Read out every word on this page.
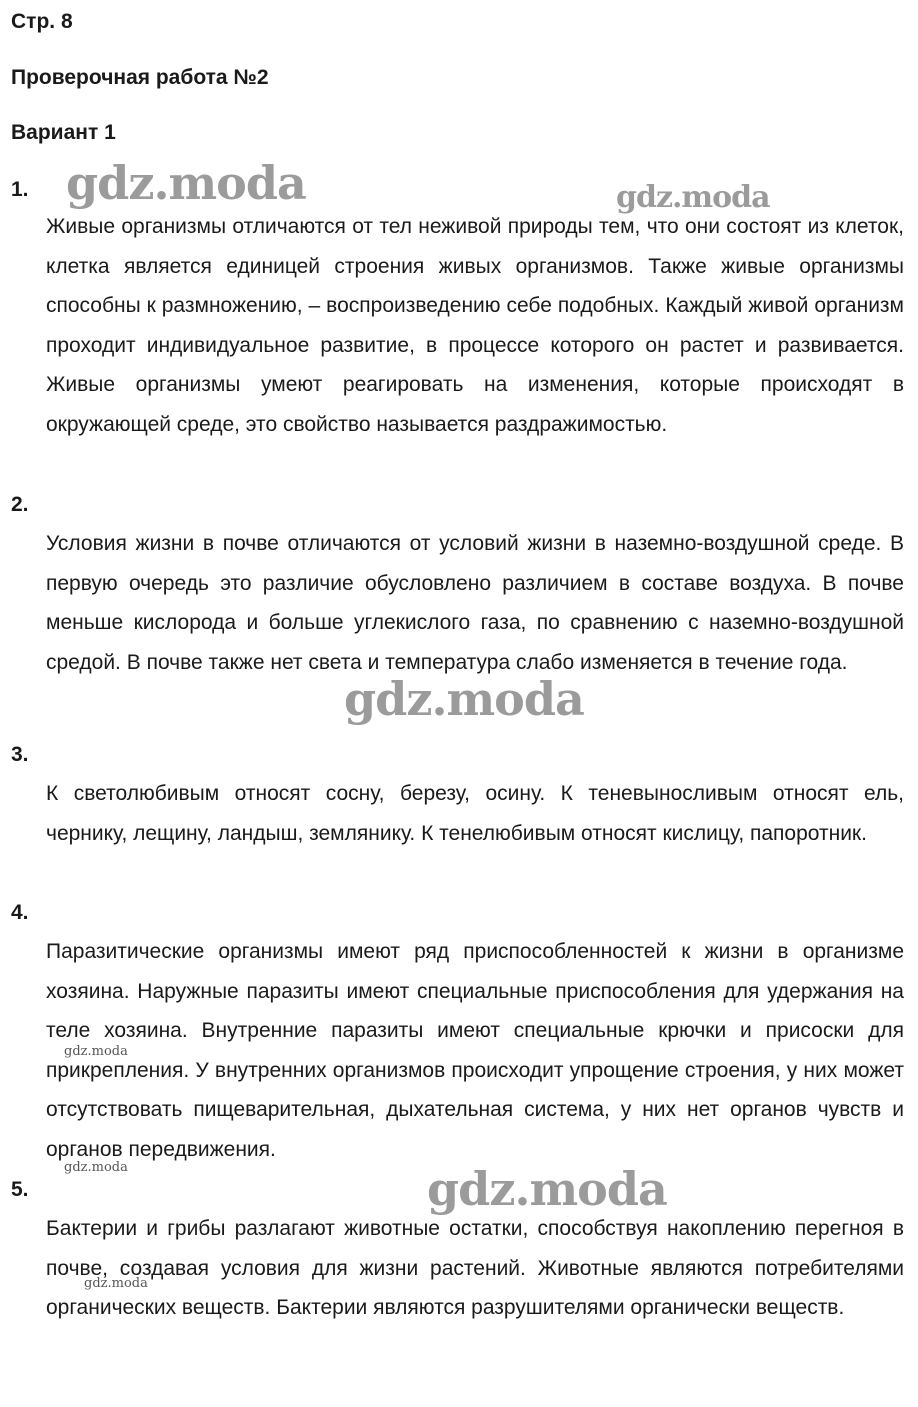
Стр. 8
Проверочная работа №2
Вариант 1
1.

Живые организмы отличаются от тел неживой природы тем, что они состоят из клеток, клетка является единицей строения живых организмов. Также живые организмы способны к размножению, – воспроизведению себе подобных. Каждый живой организм проходит индивидуальное развитие, в процессе которого он растет и развивается. Живые организмы умеют реагировать на изменения, которые происходят в окружающей среде, это свойство называется раздражимостью.

2.

Условия жизни в почве отличаются от условий жизни в наземно-воздушной среде. В первую очередь это различие обусловлено различием в составе воздуха. В почве меньше кислорода и больше углекислого газа, по сравнению с наземно-воздушной средой. В почве также нет света и температура слабо изменяется в течение года.

3.

К светолюбивым относят сосну, березу, осину. К теневыносливым относят ель, чернику, лещину, ландыш, землянику. К тенелюбивым относят кислицу, папоротник.

4.

Паразитические организмы имеют ряд приспособленностей к жизни в организме хозяина. Наружные паразиты имеют специальные приспособления для удержания на теле хозяина. Внутренние паразиты имеют специальные крючки и присоски для прикрепления. У внутренних организмов происходит упрощение строения, у них может отсутствовать пищеварительная, дыхательная система, у них нет органов чувств и органов передвижения.

5.

Бактерии и грибы разлагают животные остатки, способствуя накоплению перегноя в почве, создавая условия для жизни растений. Животные являются потребителями органических веществ. Бактерии являются разрушителями органически веществ.

gdz.moda	gdz.moda
gdz.moda
gdz.moda
gdz.moda	gdz.moda
gdz.moda
